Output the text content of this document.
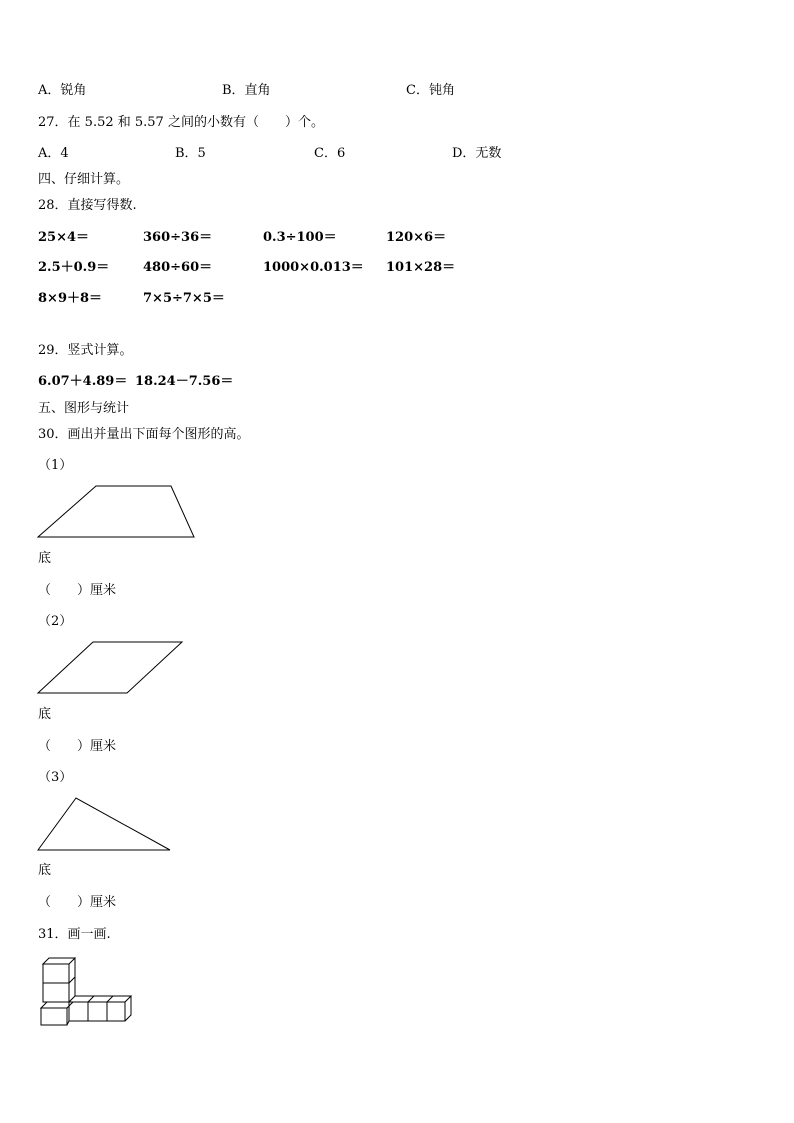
A．锐角	B．直角	C．钝角
27．在 5.52 和 5.57 之间的小数有（　　）个。
A．4	B．5	C．6	D．无数
四、仔细计算。
28．直接写得数.
25×4＝	360÷36＝	0.3÷100＝	120×6＝
2.5＋0.9＝	480÷60＝	1000×0.013＝ 101×28＝
8×9＋8＝	7×5÷7×5＝
29．竖式计算。
6.07＋4.89＝ 18.24－7.56＝
五、图形与统计
30．画出并量出下面每个图形的高。
（1）
底
（　　）厘米
（2）
底
（　　）厘米
（3）
底
（　　）厘米
31．画一画.
